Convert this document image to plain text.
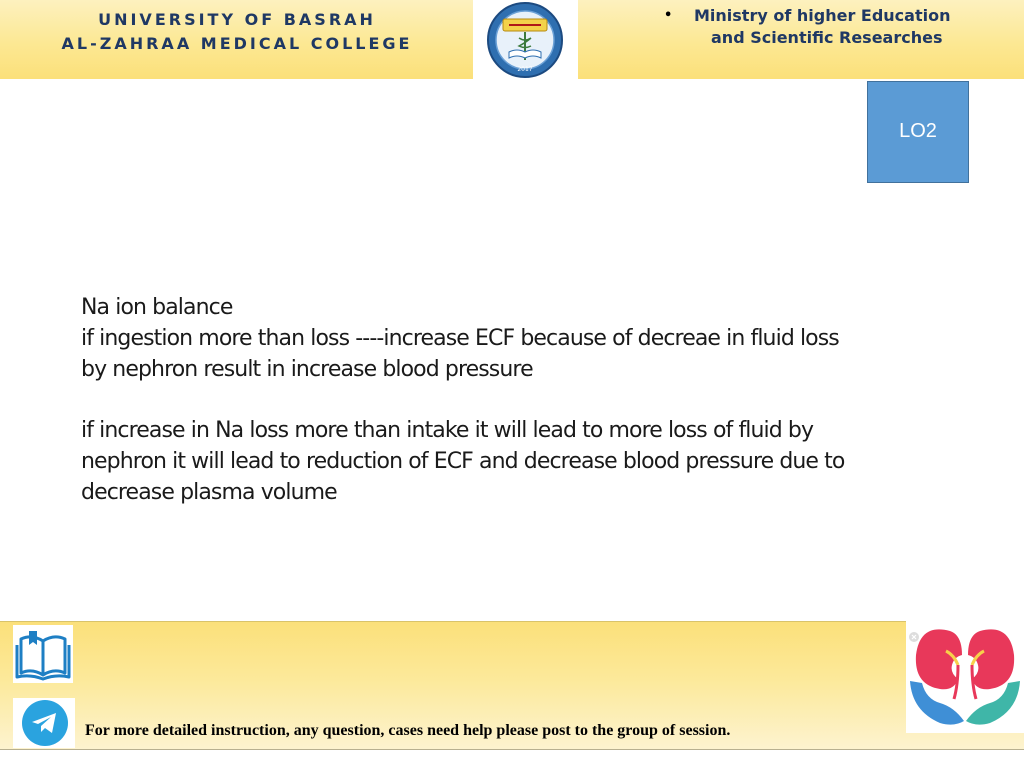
UNIVERSITY OF BASRAH
AL-ZAHRAA MEDICAL COLLEGE
2017
•	Ministry of higher Education
and Scientific Researches
LO2

Na ion balance

if ingestion more than loss ----increase ECF because of decreae in fluid loss

by nephron result in increase blood pressure

if increase in Na loss more than intake it will lead to more loss of fluid by

nephron it will lead to reduction of ECF and decrease blood pressure due to

decrease plasma volume

For more detailed instruction, any question, cases need help please post to the group of session.
